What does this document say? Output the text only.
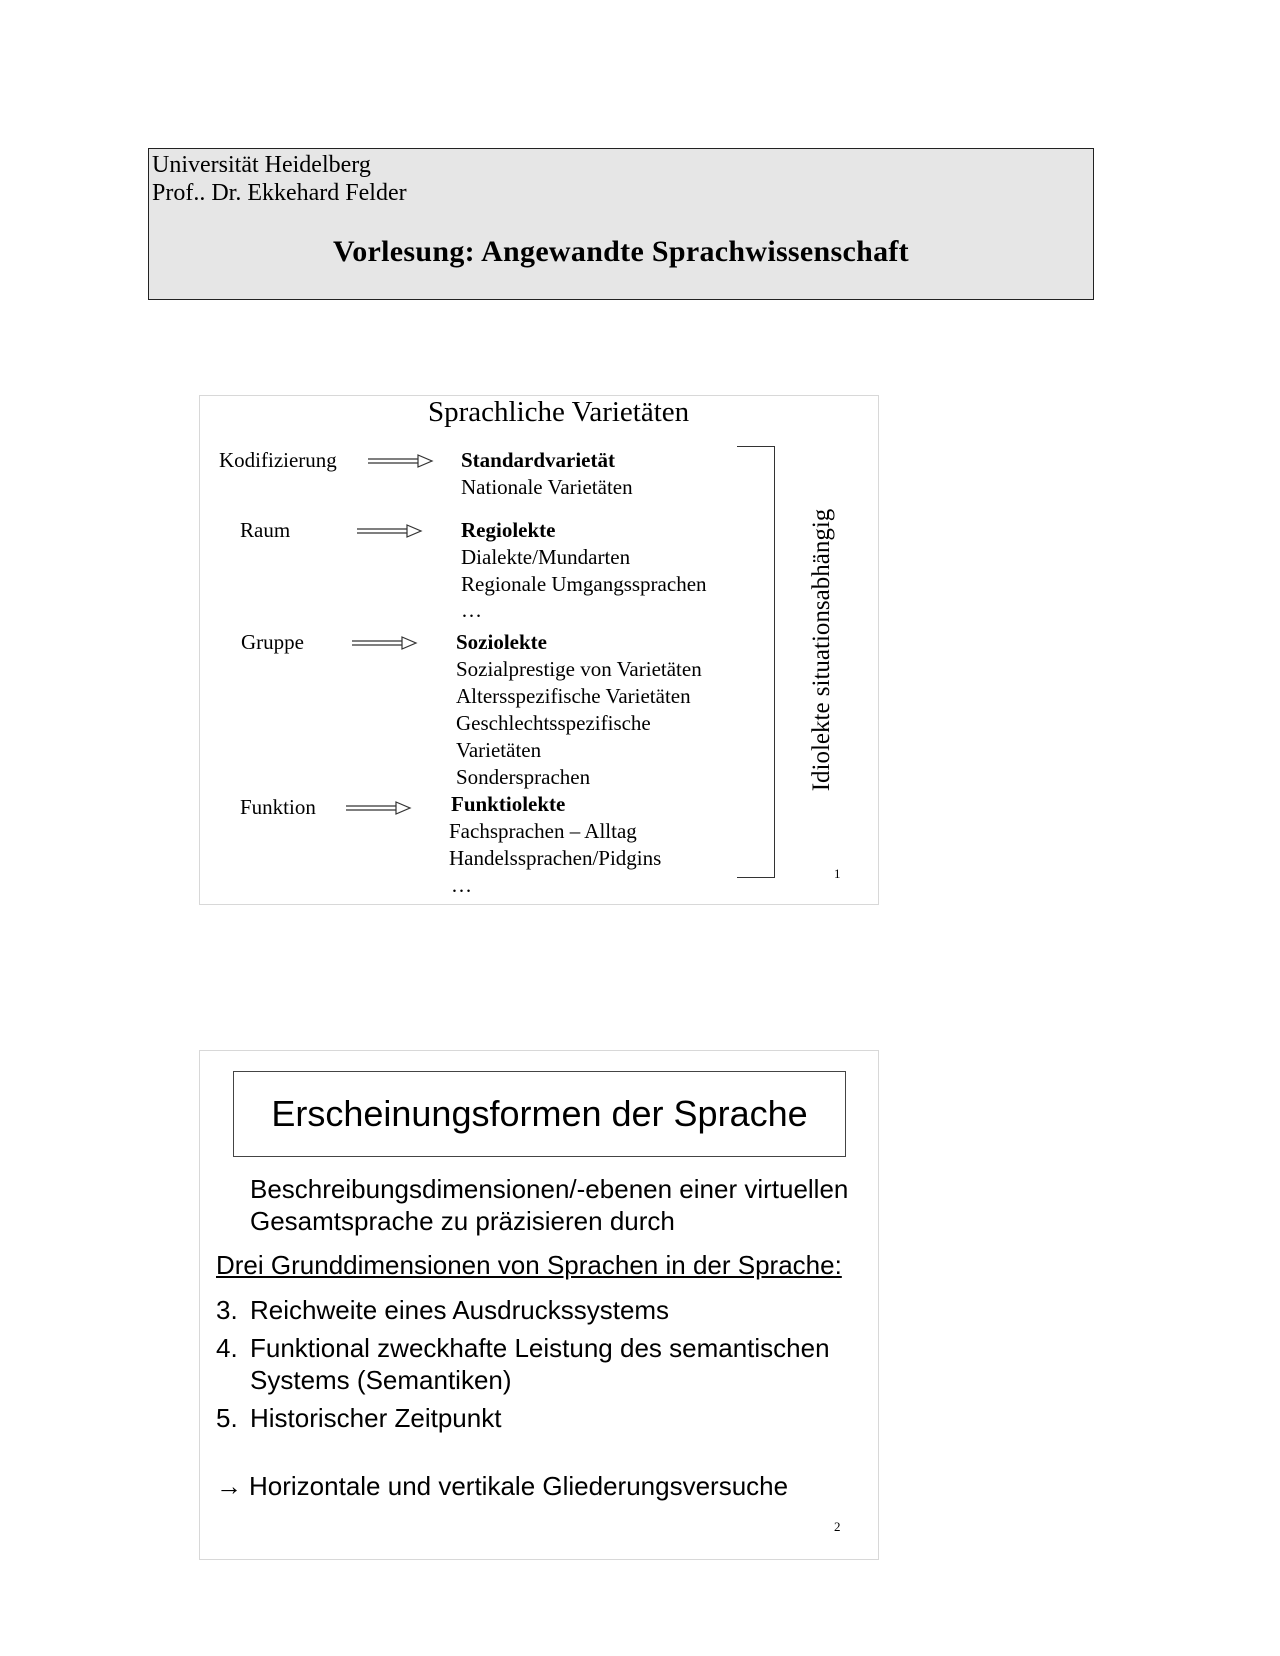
Universität Heidelberg
Prof.. Dr. Ekkehard Felder
Vorlesung: Angewandte Sprachwissenschaft
Sprachliche Varietäten
Kodifizierung	Standardvarietät
Nationale Varietäten
Raum	Regiolekte
Dialekte/Mundarten
Regionale Umgangssprachen
…
Gruppe	Soziolekte
Sozialprestige von Varietäten
Altersspezifische Varietäten
Geschlechtsspezifische
Varietäten
Sondersprachen
Funktion	Funktiolekte
Fachsprachen – Alltag
Handelssprachen/Pidgins
…
Idiolekte situationsabhängig
1
Erscheinungsformen der Sprache
Beschreibungsdimensionen/-ebenen einer virtuellen
Gesamtsprache zu präzisieren durch
Drei Grunddimensionen von Sprachen in der Sprache:
3. Reichweite eines Ausdruckssystems
4. Funktional zweckhafte Leistung des semantischen
Systems (Semantiken)
5. Historischer Zeitpunkt
→ Horizontale und vertikale Gliederungsversuche
2
